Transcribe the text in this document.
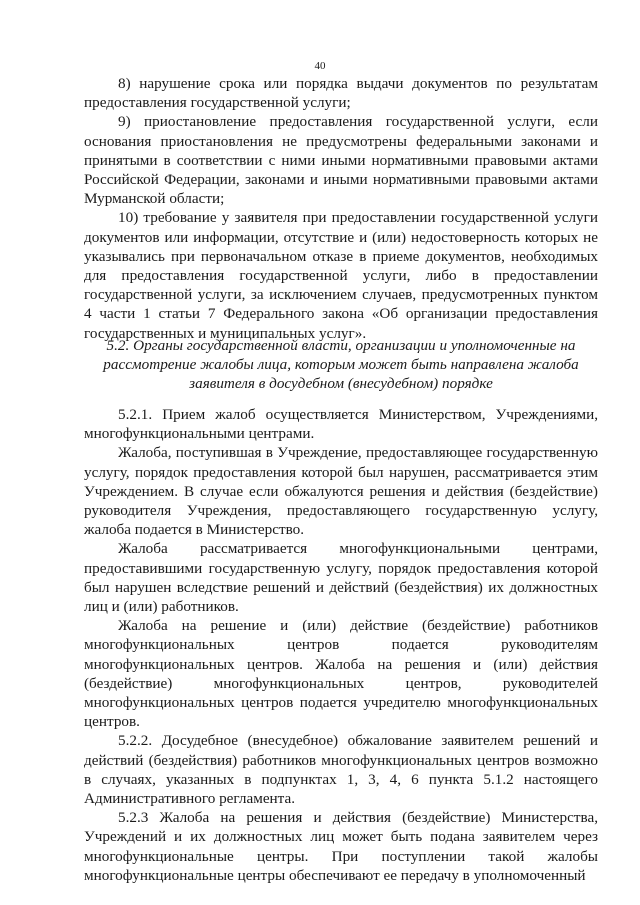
40

8) нарушение срока или порядка выдачи документов по результатам предоставления государственной услуги;

9) приостановление предоставления государственной услуги, если основания приостановления не предусмотрены федеральными законами и принятыми в соответствии с ними иными нормативными правовыми актами Российской Федерации, законами и иными нормативными правовыми актами Мурманской области;

10) требование у заявителя при предоставлении государственной услуги документов или информации, отсутствие и (или) недостоверность которых не указывались при первоначальном отказе в приеме документов, необходимых для предоставления государственной услуги, либо в предоставлении государственной услуги, за исключением случаев, предусмотренных пунктом 4 части 1 статьи 7 Федерального закона «Об организации предоставления государственных и муниципальных услуг».

5.2. Органы государственной власти, организации и уполномоченные на рассмотрение жалобы лица, которым может быть направлена жалоба заявителя в досудебном (внесудебном) порядке

5.2.1. Прием жалоб осуществляется Министерством, Учреждениями, многофункциональными центрами.

Жалоба, поступившая в Учреждение, предоставляющее государственную услугу, порядок предоставления которой был нарушен, рассматривается этим Учреждением. В случае если обжалуются решения и действия (бездействие) руководителя Учреждения, предоставляющего государственную услугу, жалоба подается в Министерство.

Жалоба рассматривается многофункциональными центрами, предоставившими государственную услугу, порядок предоставления которой был нарушен вследствие решений и действий (бездействия) их должностных лиц и (или) работников.

Жалоба на решение и (или) действие (бездействие) работников многофункциональных центров подается руководителям многофункциональных центров. Жалоба на решения и (или) действия (бездействие) многофункциональных центров, руководителей многофункциональных центров подается учредителю многофункциональных центров.

5.2.2. Досудебное (внесудебное) обжалование заявителем решений и действий (бездействия) работников многофункциональных центров возможно в случаях, указанных в подпунктах 1, 3, 4, 6 пункта 5.1.2 настоящего Административного регламента.

5.2.3 Жалоба на решения и действия (бездействие) Министерства, Учреждений и их должностных лиц может быть подана заявителем через многофункциональные центры. При поступлении такой жалобы многофункциональные центры обеспечивают ее передачу в уполномоченный
